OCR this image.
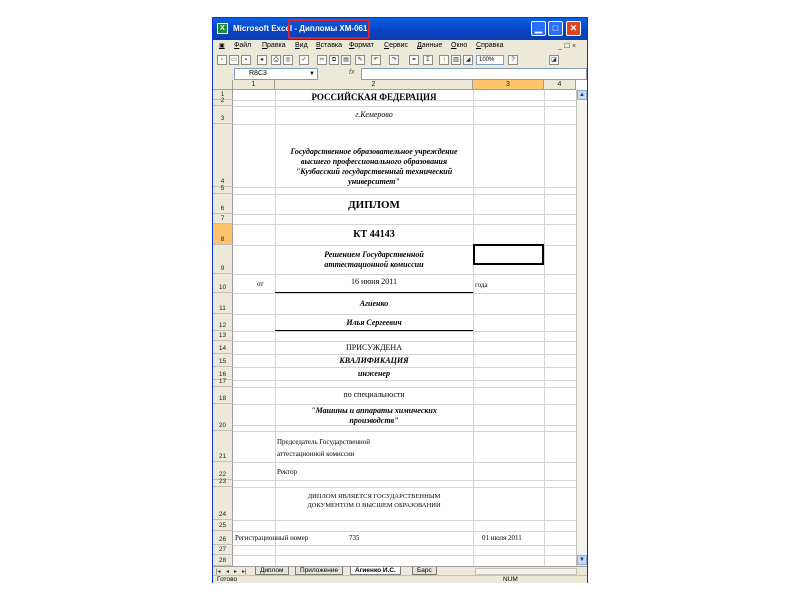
X	Microsoft Excel - Дипломы ХМ-061	▁	□	✕
▣ Файл Правка Вид Вставка Формат Сервис Данные Окно Справка	_ ☐ ×
▫	▭	▪	●	⎙	◎	✓	✂	⧉	▤	✎	↶	↷	⚭	Σ	↑	▥	◢	100%	?	◪
R8C3	▼	fx
1	2	3	4
1
2
3
4
5
6
7
8
9
10
11
12
13
14
15
16
17
18
20
21
22
23
24
25
26
27
28
РОССИЙСКАЯ ФЕДЕРАЦИЯ
г.Кемерово
Государственное образовательное учреждение высшего профессионального образования "Кузбасский государственный технический университет"
ДИПЛОМ
КТ 44143
Решением Государственной аттестационной комиссии
от	16 июня 2011	года
Агиенко
Илья Сергеевич
ПРИСУЖДЕНА
КВАЛИФИКАЦИЯ
инженер
по специальности
"Машины и аппараты химических производств"
Председатель Государственной аттестационной комиссии
Ректор
ДИПЛОМ ЯВЛЯЕТСЯ ГОСУДАРСТВЕННЫМ ДОКУМЕНТОМ О ВЫСШЕМ ОБРАЗОВАНИИ
Регистрационный номер	735	01 июля 2011
▲
▼
|◂ ◂ ▸ ▸|	Диплом	Приложение	Агиенко И.С.	Барс
Готово	NUM
